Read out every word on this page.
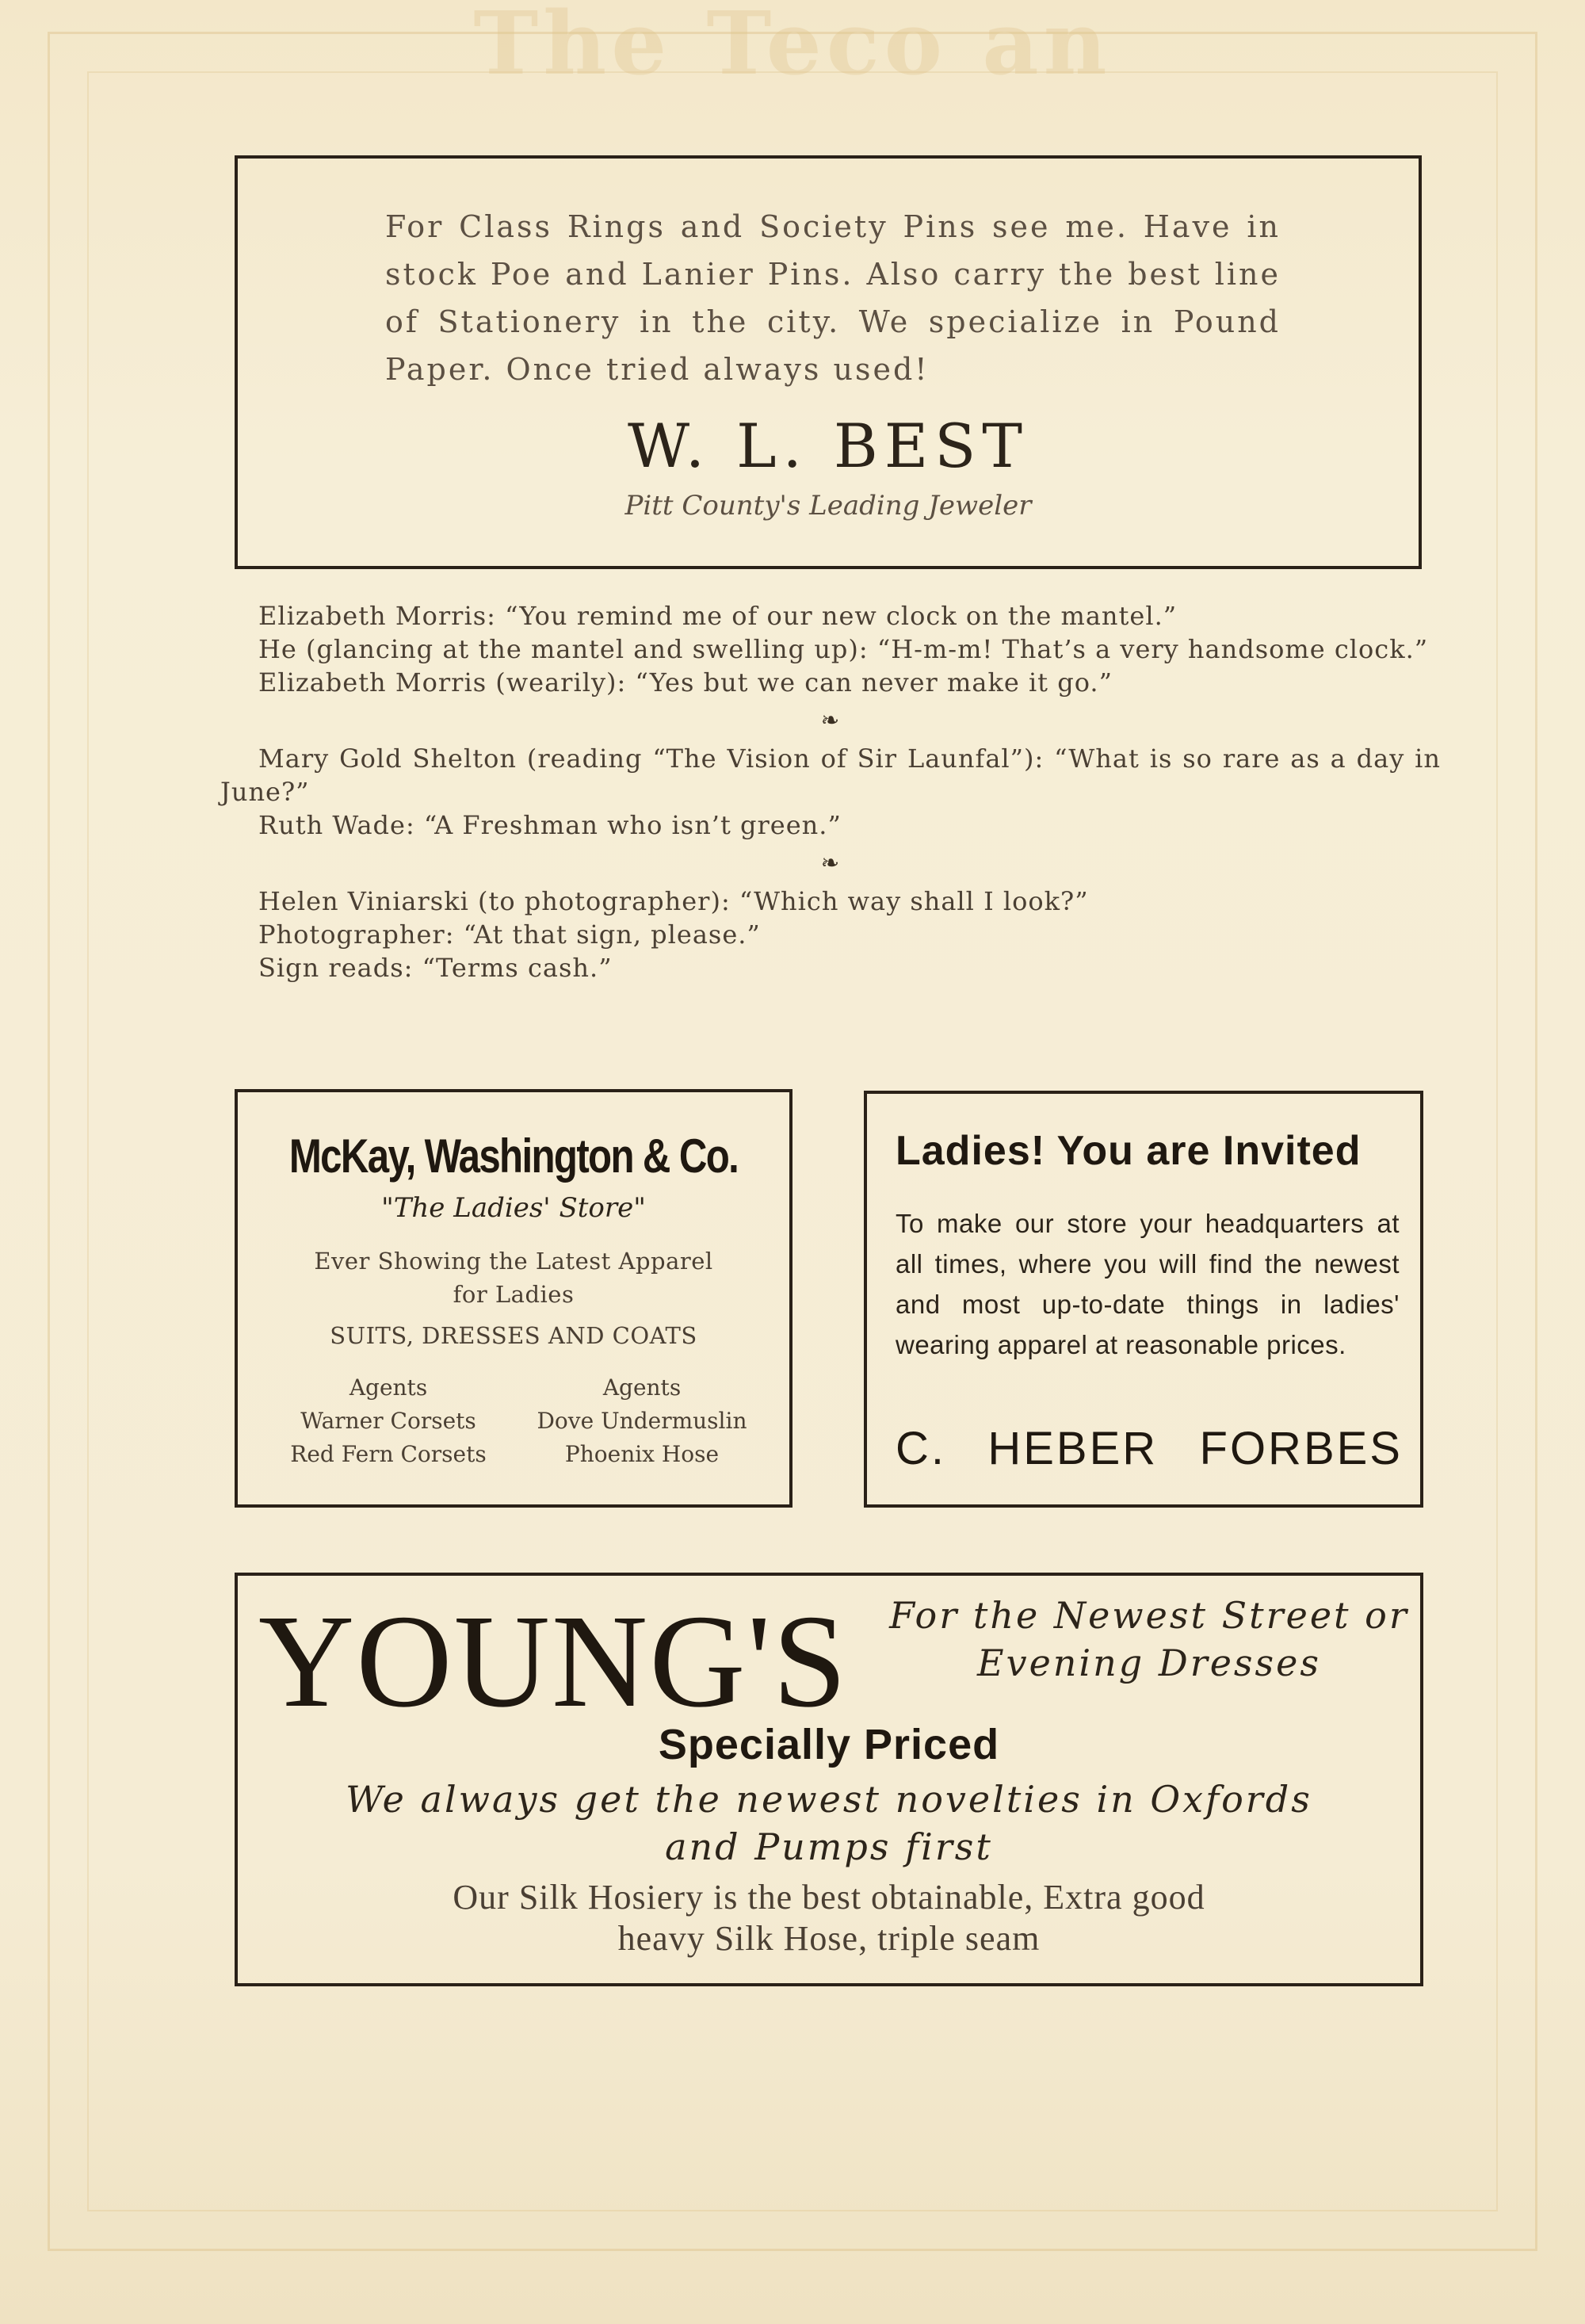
The Teco an
For Class Rings and Society Pins see me. Have in stock Poe and Lanier Pins. Also carry the best line of Stationery in the city. We specialize in Pound Paper. Once tried always used!
W. L. BEST
Pitt County's Leading Jeweler

Elizabeth Morris: “You remind me of our new clock on the mantel.”

He (glancing at the mantel and swelling up): “H-m-m! That’s a very handsome clock.”

Elizabeth Morris (wearily): “Yes but we can never make it go.”

❧

Mary Gold Shelton (reading “The Vision of Sir Launfal”): “What is so rare as a day in June?”

Ruth Wade: “A Freshman who isn’t green.”

❧

Helen Viniarski (to photographer): “Which way shall I look?”

Photographer: “At that sign, please.”

Sign reads: “Terms cash.”

McKay, Washington & Co.
"The Ladies' Store"
Ever Showing the Latest Apparel
for Ladies
SUITS, DRESSES AND COATS
Agents
Warner Corsets
Red Fern Corsets
Agents
Dove Undermuslin
Phoenix Hose
Ladies! You are Invited
To make our store your headquarters at all times, where you will find the newest and most up-to-date things in ladies' wearing apparel at reasonable prices.
C. HEBER FORBES
YOUNG'S For the Newest Street or
Evening Dresses
Specially Priced
We always get the newest novelties in Oxfords
and Pumps first
Our Silk Hosiery is the best obtainable, Extra good
heavy Silk Hose, triple seam
